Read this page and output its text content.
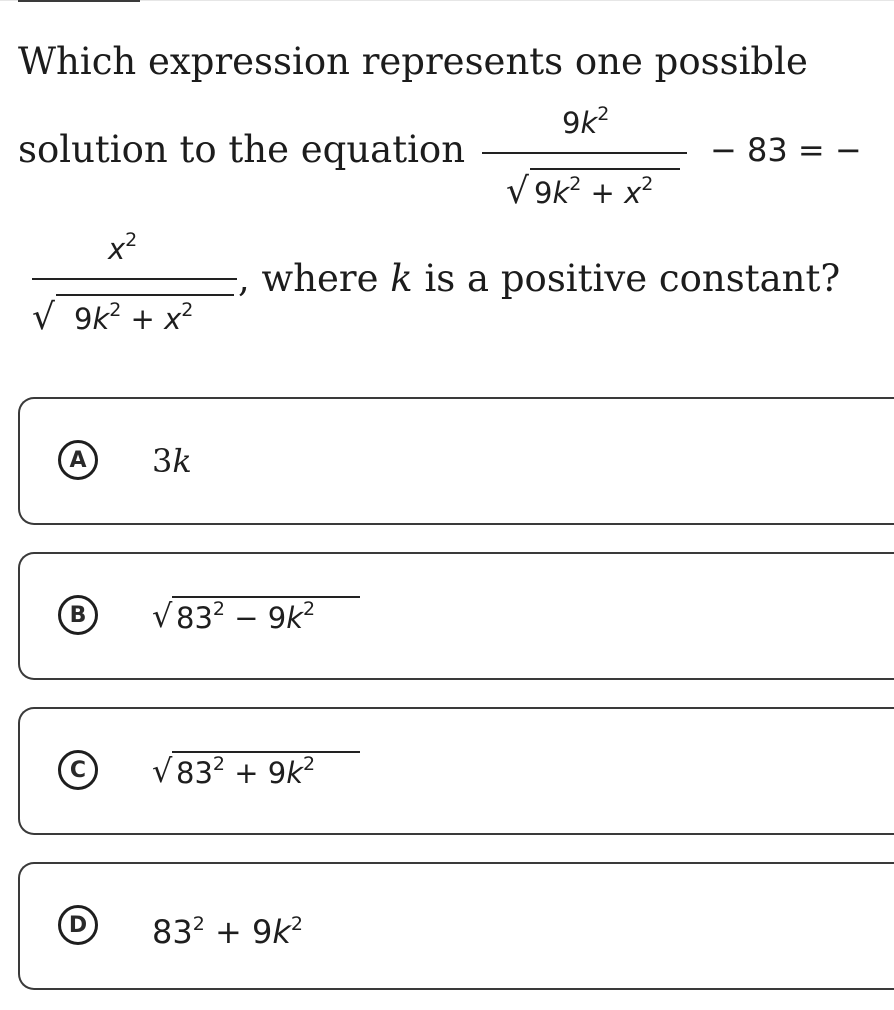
Which expression represents one possible
solution to the equation
$9k^2$
√ $9k^2 + x^2$
− 83 = −
$x^2$
√ $9k^2 + x^2$
, where k is a positive constant?
A	3k
B	√ $83^2 - 9k^2$
C	√ $83^2 + 9k^2$
D	$83^2 + 9k^2$
